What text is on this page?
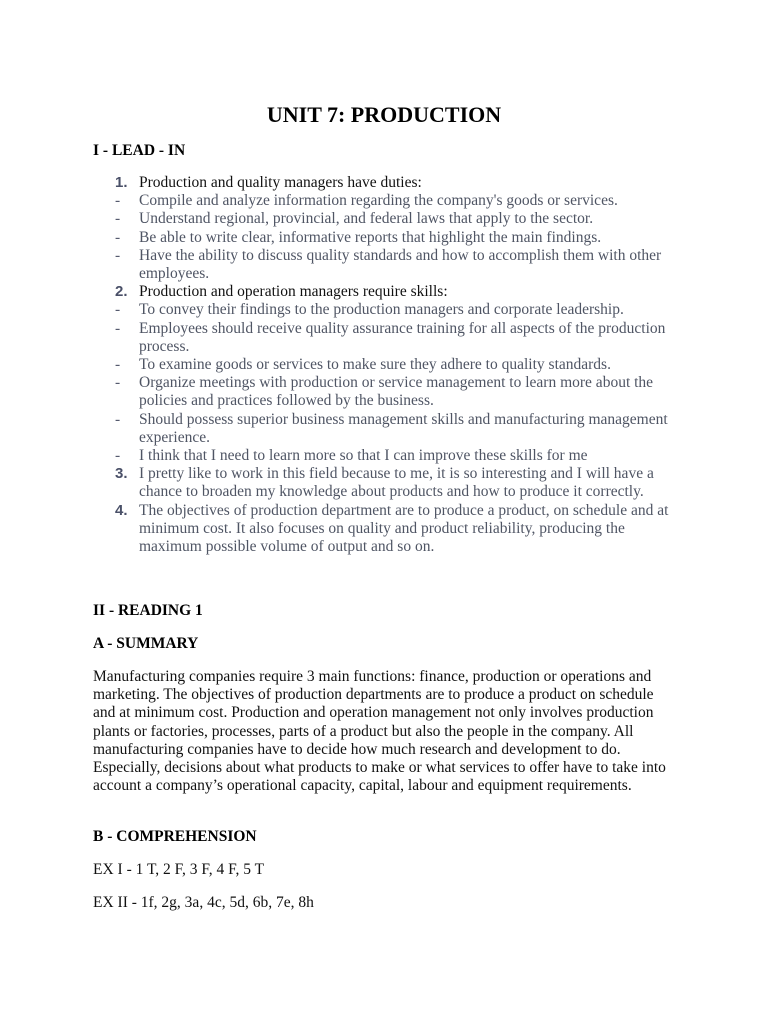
UNIT 7: PRODUCTION
I - LEAD - IN
1. Production and quality managers have duties:
-	Compile and analyze information regarding the company's goods or services.
-	Understand regional, provincial, and federal laws that apply to the sector.
-	Be able to write clear, informative reports that highlight the main findings.
-	Have the ability to discuss quality standards and how to accomplish them with other employees.
2. Production and operation managers require skills:
-	To convey their findings to the production managers and corporate leadership.
-	Employees should receive quality assurance training for all aspects of the production process.
-	To examine goods or services to make sure they adhere to quality standards.
-	Organize meetings with production or service management to learn more about the policies and practices followed by the business.
-	Should possess superior business management skills and manufacturing management experience.
-	I think that I need to learn more so that I can improve these skills for me
3. I pretty like to work in this field because to me, it is so interesting and I will have a chance to broaden my knowledge about products and how to produce it correctly.
4. The objectives of production department are to produce a product, on schedule and at minimum cost. It also focuses on quality and product reliability, producing the maximum possible volume of output and so on.
II - READING 1
A - SUMMARY
Manufacturing companies require 3 main functions: finance, production or operations and marketing. The objectives of production departments are to produce a product on schedule and at minimum cost. Production and operation management not only involves production plants or factories, processes, parts of a product but also the people in the company. All manufacturing companies have to decide how much research and development to do. Especially, decisions about what products to make or what services to offer have to take into account a company’s operational capacity, capital, labour and equipment requirements.
B - COMPREHENSION
EX I - 1 T, 2 F, 3 F, 4 F, 5 T
EX II - 1f, 2g, 3a, 4c, 5d, 6b, 7e, 8h
